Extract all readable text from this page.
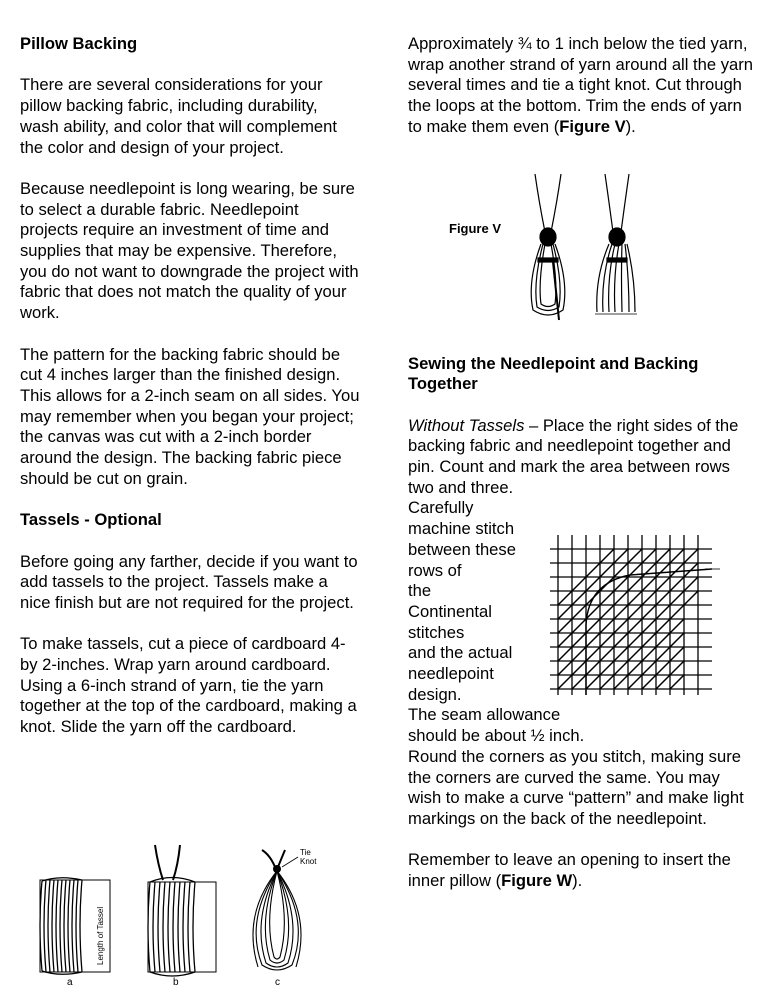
Pillow Backing

There are several considerations for your pillow backing fabric, including durability, wash ability, and color that will complement the color and design of your project.

Because needlepoint is long wearing, be sure to select a durable fabric. Needlepoint projects require an investment of time and supplies that may be expensive. Therefore, you do not want to downgrade the project with fabric that does not match the quality of your work.

The pattern for the backing fabric should be cut 4 inches larger than the finished design. This allows for a 2-inch seam on all sides. You may remember when you began your project; the canvas was cut with a 2-inch border around the design. The backing fabric piece should be cut on grain.

Tassels - Optional

Before going any farther, decide if you want to add tassels to the project. Tassels make a nice finish but are not required for the project.

To make tassels, cut a piece of cardboard 4- by 2-inches. Wrap yarn around cardboard. Using a 6-inch strand of yarn, tie the yarn together at the top of the cardboard, making a knot. Slide the yarn off the cardboard.

Length of Tassel
a	b
Tie
Knot
c

Approximately ¾ to 1 inch below the tied yarn, wrap another strand of yarn around all the yarn several times and tie a tight knot. Cut through the loops at the bottom. Trim the ends of yarn to make them even (Figure V).

Sewing the Needlepoint and Backing Together

Without Tassels – Place the right sides of the backing fabric and needlepoint together and pin. Count and mark the area between rows two and three.

Carefully
machine stitch
between these
rows of
the
Continental
stitches
and the actual
needlepoint
design.

The seam allowance should be about ½ inch.

Round the corners as you stitch, making sure the corners are curved the same. You may wish to make a curve “pattern” and make light markings on the back of the needlepoint.

Remember to leave an opening to insert the inner pillow (Figure W).

Figure V
